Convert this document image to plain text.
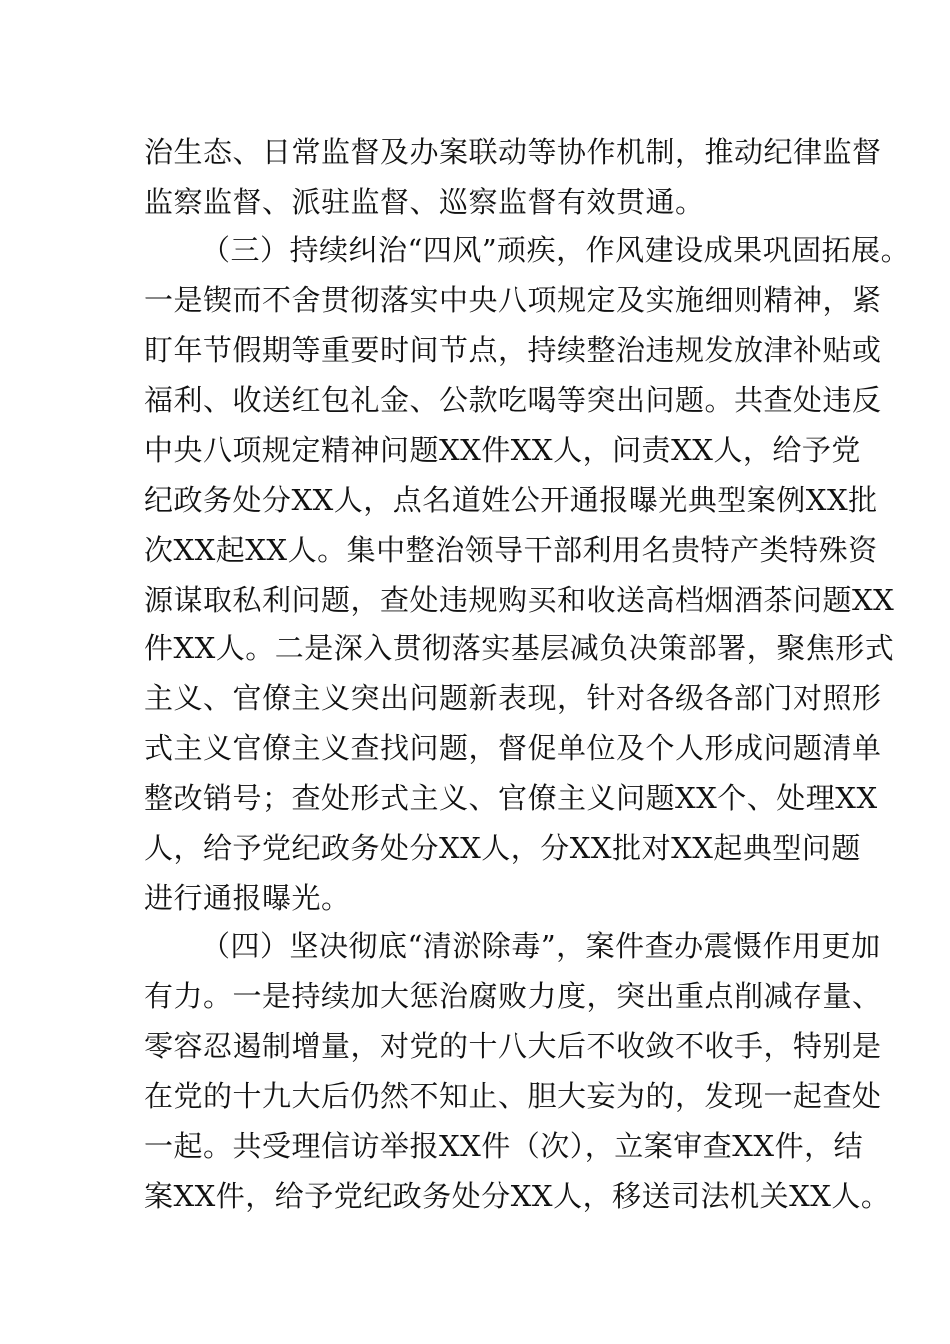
治生态、日常监督及办案联动等协作机制，推动纪律监督
监察监督、派驻监督、巡察监督有效贯通。
（三）持续纠治“四风”顽疾，作风建设成果巩固拓展。
一是锲而不舍贯彻落实中央八项规定及实施细则精神，紧
盯年节假期等重要时间节点，持续整治违规发放津补贴或
福利、收送红包礼金、公款吃喝等突出问题。共查处违反
中央八项规定精神问题XX件XX人，问责XX人，给予党
纪政务处分XX人，点名道姓公开通报曝光典型案例XX批
次XX起XX人。集中整治领导干部利用名贵特产类特殊资
源谋取私利问题，查处违规购买和收送高档烟酒茶问题XX
件XX人。二是深入贯彻落实基层减负决策部署，聚焦形式
主义、官僚主义突出问题新表现，针对各级各部门对照形
式主义官僚主义查找问题，督促单位及个人形成问题清单
整改销号；查处形式主义、官僚主义问题XX个、处理XX
人，给予党纪政务处分XX人，分XX批对XX起典型问题
进行通报曝光。
（四）坚决彻底“清淤除毒”，案件查办震慑作用更加
有力。一是持续加大惩治腐败力度，突出重点削减存量、
零容忍遏制增量，对党的十八大后不收敛不收手，特别是
在党的十九大后仍然不知止、胆大妄为的，发现一起查处
一起。共受理信访举报XX件（次），立案审查XX件，结
案XX件，给予党纪政务处分XX人，移送司法机关XX人。
